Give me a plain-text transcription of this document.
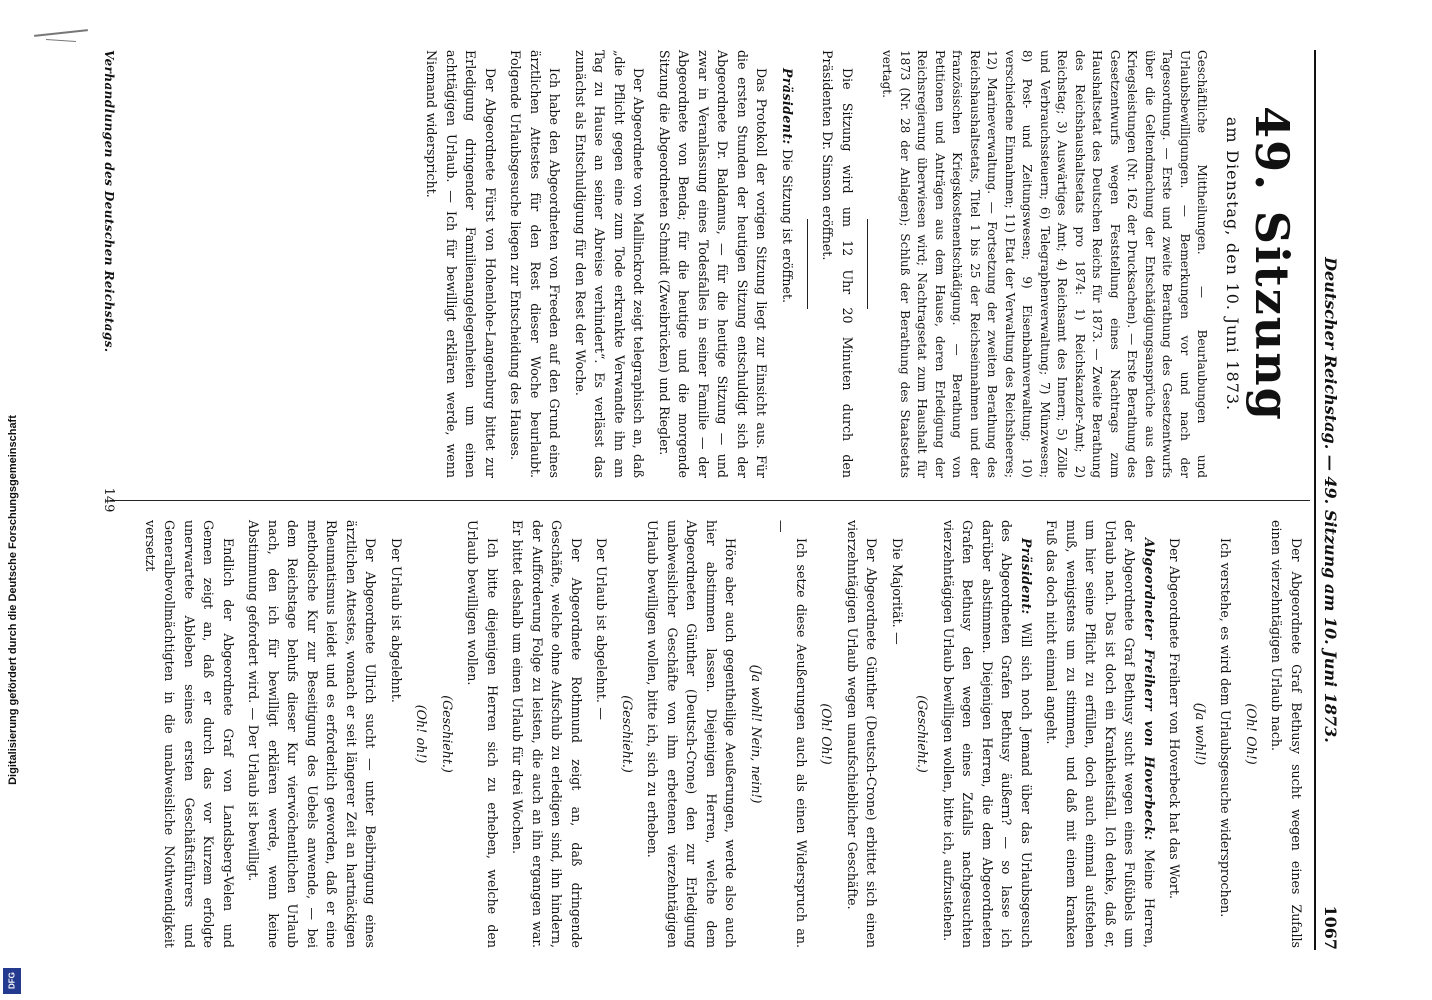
Digitalisierung gefördert durch die Deutsche Forschungsgemeinschaft
DFG
Deutscher Reichstag. — 49. Sitzung am 10. Juni 1873.
1067
49. Sitzung
am Dienstag, den 10. Juni 1873.
Geschäftliche Mittheilungen. — Beurlaubungen und Urlaubsbewilligungen. — Bemerkungen vor und nach der Tagesordnung. — Erste und zweite Berathung des Gesetzentwurfs über die Geltendmachung der Entschädigungsansprüche aus den Kriegsleistungen (Nr. 162 der Drucksachen). — Erste Berathung des Gesetzentwurfs wegen Feststellung eines Nachtrags zum Haushaltsetat des Deutschen Reichs für 1873. — Zweite Berathung des Reichshaushaltsetats pro 1874: 1) Reichskanzler-Amt; 2) Reichstag; 3) Auswärtiges Amt; 4) Reichsamt des Innern; 5) Zölle und Verbrauchssteuern; 6) Telegraphenverwaltung; 7) Münzwesen; 8) Post- und Zeitungswesen; 9) Eisenbahnverwaltung; 10) verschiedene Einnahmen; 11) Etat der Verwaltung des Reichsheeres; 12) Marineverwaltung. — Fortsetzung der zweiten Berathung des Reichshaushaltsetats, Titel 1 bis 25 der Reichseinnahmen und der französischen Kriegskostenentschädigung. — Berathung von Petitionen und Anträgen aus dem Hause, deren Erledigung der Reichsregierung überwiesen wird; Nachtragsetat zum Haushalt für 1873 (Nr. 28 der Anlagen); Schluß der Berathung des Staatsetats vertagt.

Die Sitzung wird um 12 Uhr 20 Minuten durch den Präsidenten Dr. Simson eröffnet.

Präsident: Die Sitzung ist eröffnet.

Das Protokoll der vorigen Sitzung liegt zur Einsicht aus. Für die ersten Stunden der heutigen Sitzung entschuldigt sich der Abgeordnete Dr. Baldamus, — für die heutige Sitzung — und zwar in Veranlassung eines Todesfalles in seiner Familie — der Abgeordnete von Benda; für die heutige und die morgende Sitzung die Abgeordneten Schmidt (Zweibrücken) und Riegler.

Der Abgeordnete von Mallinckrodt zeigt telegraphisch an, daß „die Pflicht gegen eine zum Tode erkrankte Verwandte ihn am Tag zu Hause an seiner Abreise verhindert“. Es verlässt das zunächst als Entschuldigung für den Rest der Woche.

Ich habe den Abgeordneten von Freeden auf den Grund eines ärztlichen Attestes für den Rest dieser Woche beurlaubt. Folgende Urlaubsgesuche liegen zur Entscheidung des Hauses.

Der Abgeordnete Fürst von Hohenlohe-Langenburg bittet zur Erledigung dringender Familienangelegenheiten um einen achttägigen Urlaub. — Ich für bewilligt erklären werde, wenn Niemand widerspricht.

Verhandlungen des Deutschen Reichstags.

Der Abgeordnete Graf Bethusy sucht wegen eines Zufalls einen vierzehntägigen Urlaub nach.

(Oh! Oh!)

Ich verstehe, es wird dem Urlaubsgesuche widersprochen.

(Ja wohl!)

Der Abgeordnete Freiherr von Hoverbeck hat das Wort.

Abgeordneter Freiherr von Hoverbeck: Meine Herren, der Abgeordnete Graf Bethusy sucht wegen eines Fußübels um Urlaub nach. Das ist doch ein Krankheitsfall. Ich denke, daß er, um hier seine Pflicht zu erfüllen, doch auch einmal aufstehen muß, wenigstens um zu stimmen, und daß mit einem kranken Fuß das doch nicht einmal angeht.

Präsident: Will sich noch Jemand über das Urlaubsgesuch des Abgeordneten Grafen Bethusy äußern? — so lasse ich darüber abstimmen. Diejenigen Herren, die dem Abgeordneten Grafen Bethusy den wegen eines Zufalls nachgesuchten vierzehntägigen Urlaub bewilligen wollen, bitte ich, aufzustehen.

(Geschieht.)

Die Majorität. —

Der Abgeordnete Günther (Deutsch-Crone) erbittet sich einen vierzehntägigen Urlaub wegen unaufschieblicher Geschäfte.

(Oh! Oh!)

Ich setze diese Aeußerungen auch als einen Widerspruch an. —

(Ja wohl! Nein, nein!)

Höre aber auch gegentheilige Aeußerungen, werde also auch hier abstimmen lassen. Diejenigen Herren, welche dem Abgeordneten Günther (Deutsch-Crone) den zur Erledigung unabweislicher Geschäfte von ihm erbetenen vierzehntägigen Urlaub bewilligen wollen, bitte ich, sich zu erheben.

(Geschieht.)

Der Urlaub ist abgelehnt. —

Der Abgeordnete Rothmund zeigt an, daß dringende Geschäfte, welche ohne Aufschub zu erledigen sind, ihn hindern, der Aufforderung Folge zu leisten, die auch an ihn ergangen war. Er bittet deshalb um einen Urlaub für drei Wochen.

Ich bitte diejenigen Herren sich zu erheben, welche den Urlaub bewilligen wollen.

(Geschieht.)

(Oh! oh!)

Der Urlaub ist abgelehnt.

Der Abgeordnete Ulrich sucht — unter Beibringung eines ärztlichen Attestes, wonach er seit längerer Zeit an hartnäckigen Rheumatismus leidet und es erforderlich geworden, daß er eine methodische Kur zur Beseitigung des Uebels anwende, — bei dem Reichstage behufs dieser Kur vierwöchentlichen Urlaub nach, den ich für bewilligt erklären werde, wenn keine Abstimmung gefordert wird. — Der Urlaub ist bewilligt.

Endlich der Abgeordnete Graf von Landsberg-Velen und Gemen zeigt an, daß er durch das vor Kurzem erfolgte unerwartete Ableben seines ersten Geschäftsführers und Generalbevollmächtigten in die unabweisliche Nothwendigkeit versetzt

149
